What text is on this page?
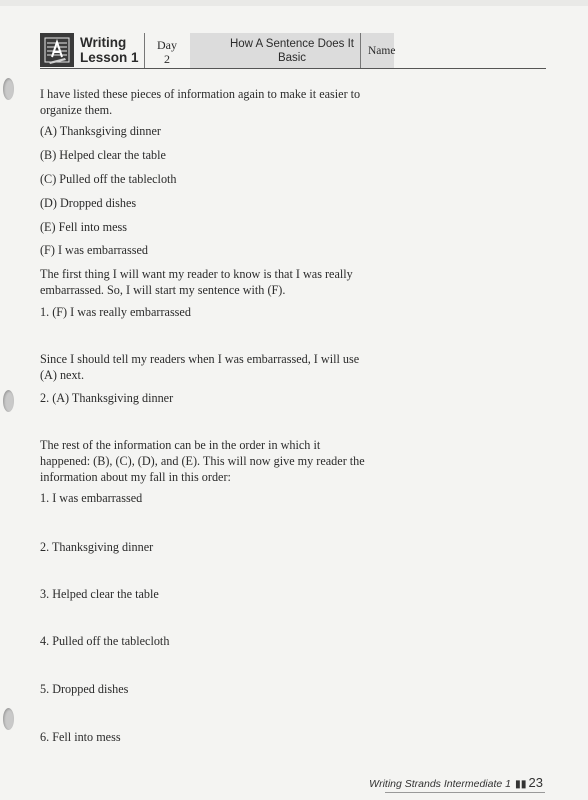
Writing
Lesson 1
Day
2
How A Sentence Does It
Basic
Name

I have listed these pieces of information again to make it easier to organize them.

(A) Thanksgiving dinner

(B) Helped clear the table

(C) Pulled off the tablecloth

(D) Dropped dishes

(E) Fell into mess

(F) I was embarrassed

The first thing I will want my reader to know is that I was really embarrassed. So, I will start my sentence with (F).

1. (F) I was really embarrassed

Since I should tell my readers when I was embarrassed, I will use (A) next.

2. (A) Thanksgiving dinner

The rest of the information can be in the order in which it happened: (B), (C), (D), and (E). This will now give my reader the information about my fall in this order:

1. I was embarrassed

2. Thanksgiving dinner

3. Helped clear the table

4. Pulled off the tablecloth

5. Dropped dishes

6. Fell into mess

Writing Strands Intermediate 1 ▮▮ 23
